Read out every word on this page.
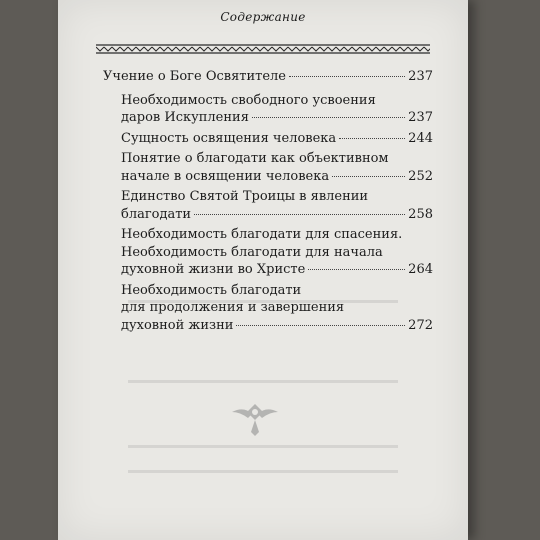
Содержание
Учение о Боге Освятителе	237
Необходимость свободного усвоения
даров Искупления	237
Сущность освящения человека	244
Понятие о благодати как объективном
начале в освящении человека	252
Единство Святой Троицы в явлении
благодати	258
Необходимость благодати для спасения.
Необходимость благодати для начала
духовной жизни во Христе	264
Необходимость благодати
для продолжения и завершения
духовной жизни	272
